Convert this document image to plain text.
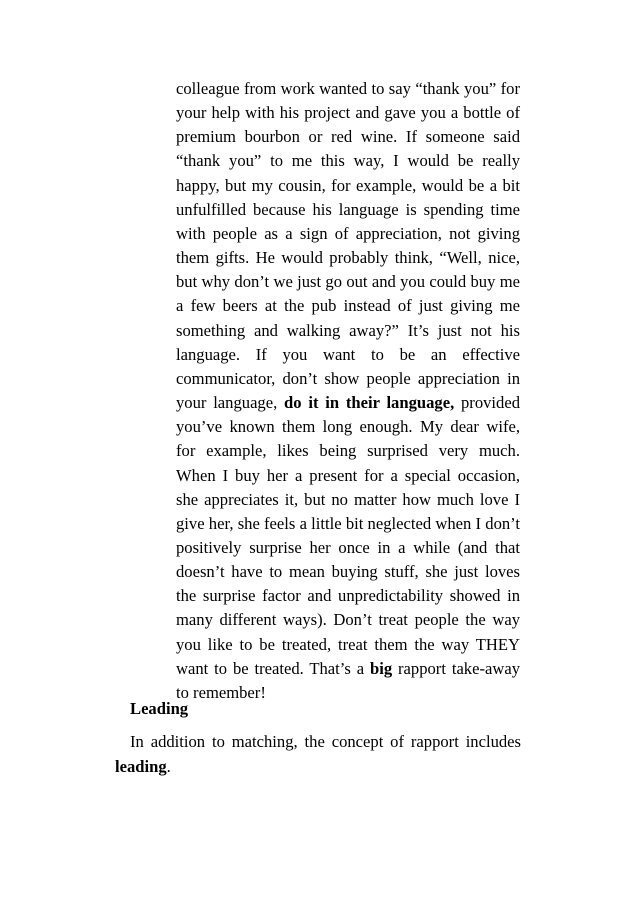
colleague from work wanted to say “thank you” for your help with his project and gave you a bottle of premium bourbon or red wine. If someone said “thank you” to me this way, I would be really happy, but my cousin, for example, would be a bit unfulfilled because his language is spending time with people as a sign of appreciation, not giving them gifts. He would probably think, “Well, nice, but why don’t we just go out and you could buy me a few beers at the pub instead of just giving me something and walking away?” It’s just not his language. If you want to be an effective communicator, don’t show people appreciation in your language, do it in their language, provided you’ve known them long enough. My dear wife, for example, likes being surprised very much. When I buy her a present for a special occasion, she appreciates it, but no matter how much love I give her, she feels a little bit neglected when I don’t positively surprise her once in a while (and that doesn’t have to mean buying stuff, she just loves the surprise factor and unpredictability showed in many different ways). Don’t treat people the way you like to be treated, treat them the way THEY want to be treated. That’s a big rapport take-away to remember!

Leading

In addition to matching, the concept of rapport includes leading.
